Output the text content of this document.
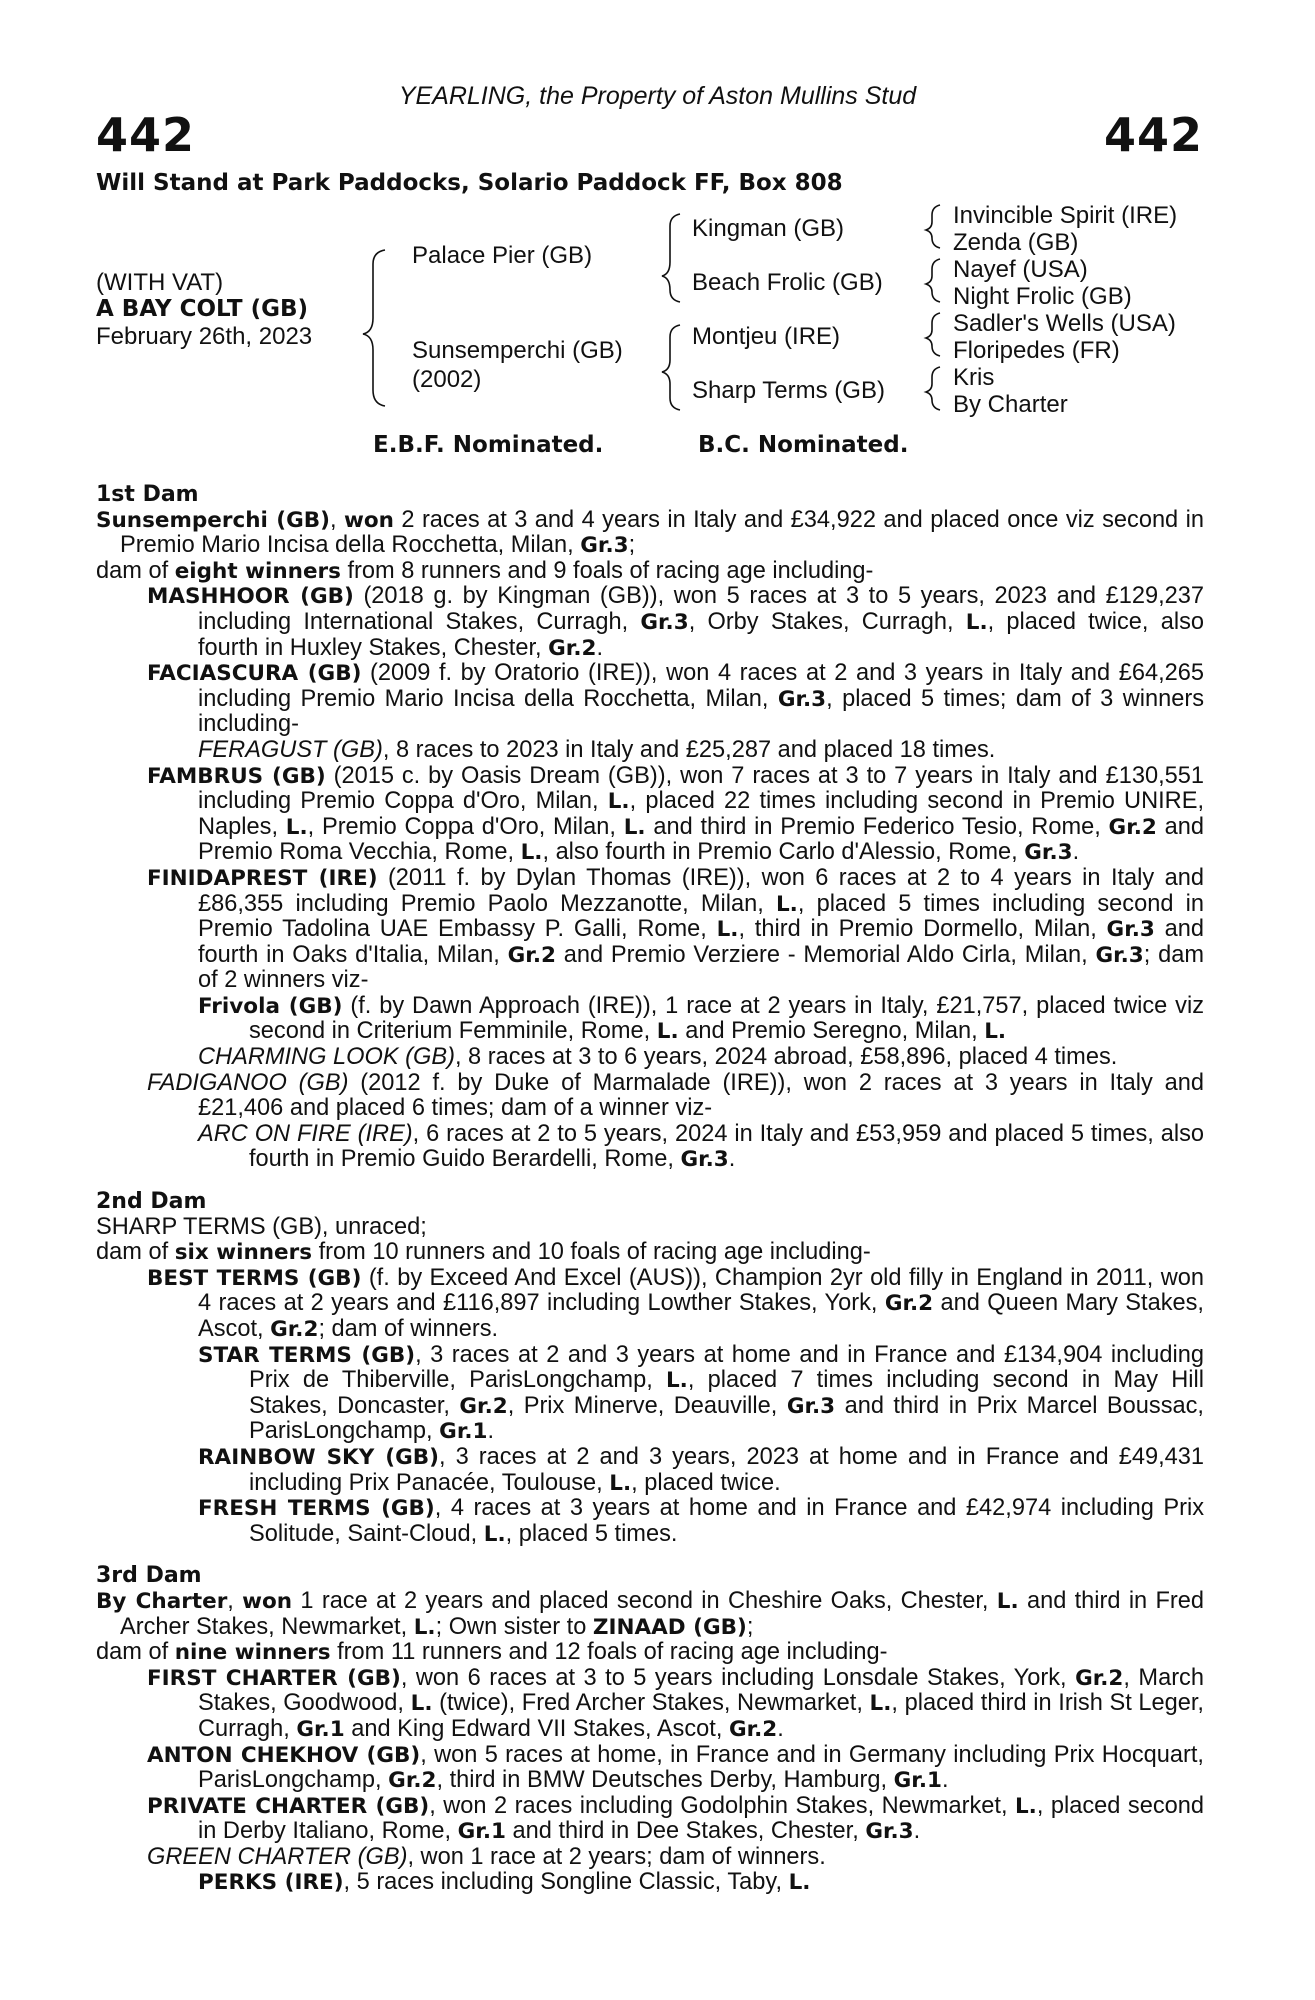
YEARLING, the Property of Aston Mullins Stud
442	442
Will Stand at Park Paddocks, Solario Paddock FF, Box 808
(WITH VAT)
A BAY COLT (GB)
February 26th, 2023
Palace Pier (GB)
Sunsemperchi (GB)
(2002)
Kingman (GB)
Beach Frolic (GB)
Montjeu (IRE)
Sharp Terms (GB)
Invincible Spirit (IRE)
Zenda (GB)
Nayef (USA)
Night Frolic (GB)
Sadler's Wells (USA)
Floripedes (FR)
Kris
By Charter
E.B.F. Nominated.	B.C. Nominated.
1st Dam
Sunsemperchi (GB), won 2 races at 3 and 4 years in Italy and £34,922 and placed once viz second in Premio Mario Incisa della Rocchetta, Milan, Gr.3;
dam of eight winners from 8 runners and 9 foals of racing age including-
MASHHOOR (GB) (2018 g. by Kingman (GB)), won 5 races at 3 to 5 years, 2023 and £129,237 including International Stakes, Curragh, Gr.3, Orby Stakes, Curragh, L., placed twice, also fourth in Huxley Stakes, Chester, Gr.2.
FACIASCURA (GB) (2009 f. by Oratorio (IRE)), won 4 races at 2 and 3 years in Italy and £64,265 including Premio Mario Incisa della Rocchetta, Milan, Gr.3, placed 5 times; dam of 3 winners including-
FERAGUST (GB), 8 races to 2023 in Italy and £25,287 and placed 18 times.
FAMBRUS (GB) (2015 c. by Oasis Dream (GB)), won 7 races at 3 to 7 years in Italy and £130,551 including Premio Coppa d'Oro, Milan, L., placed 22 times including second in Premio UNIRE, Naples, L., Premio Coppa d'Oro, Milan, L. and third in Premio Federico Tesio, Rome, Gr.2 and Premio Roma Vecchia, Rome, L., also fourth in Premio Carlo d'Alessio, Rome, Gr.3.
FINIDAPREST (IRE) (2011 f. by Dylan Thomas (IRE)), won 6 races at 2 to 4 years in Italy and £86,355 including Premio Paolo Mezzanotte, Milan, L., placed 5 times including second in Premio Tadolina UAE Embassy P. Galli, Rome, L., third in Premio Dormello, Milan, Gr.3 and fourth in Oaks d'Italia, Milan, Gr.2 and Premio Verziere - Memorial Aldo Cirla, Milan, Gr.3; dam of 2 winners viz-
Frivola (GB) (f. by Dawn Approach (IRE)), 1 race at 2 years in Italy, £21,757, placed twice viz second in Criterium Femminile, Rome, L. and Premio Seregno, Milan, L.
CHARMING LOOK (GB), 8 races at 3 to 6 years, 2024 abroad, £58,896, placed 4 times.
FADIGANOO (GB) (2012 f. by Duke of Marmalade (IRE)), won 2 races at 3 years in Italy and £21,406 and placed 6 times; dam of a winner viz-
ARC ON FIRE (IRE), 6 races at 2 to 5 years, 2024 in Italy and £53,959 and placed 5 times, also fourth in Premio Guido Berardelli, Rome, Gr.3.
2nd Dam
SHARP TERMS (GB), unraced;
dam of six winners from 10 runners and 10 foals of racing age including-
BEST TERMS (GB) (f. by Exceed And Excel (AUS)), Champion 2yr old filly in England in 2011, won 4 races at 2 years and £116,897 including Lowther Stakes, York, Gr.2 and Queen Mary Stakes, Ascot, Gr.2; dam of winners.
STAR TERMS (GB), 3 races at 2 and 3 years at home and in France and £134,904 including Prix de Thiberville, ParisLongchamp, L., placed 7 times including second in May Hill Stakes, Doncaster, Gr.2, Prix Minerve, Deauville, Gr.3 and third in Prix Marcel Boussac, ParisLongchamp, Gr.1.
RAINBOW SKY (GB), 3 races at 2 and 3 years, 2023 at home and in France and £49,431 including Prix Panacée, Toulouse, L., placed twice.
FRESH TERMS (GB), 4 races at 3 years at home and in France and £42,974 including Prix Solitude, Saint-Cloud, L., placed 5 times.
3rd Dam
By Charter, won 1 race at 2 years and placed second in Cheshire Oaks, Chester, L. and third in Fred Archer Stakes, Newmarket, L.; Own sister to ZINAAD (GB);
dam of nine winners from 11 runners and 12 foals of racing age including-
FIRST CHARTER (GB), won 6 races at 3 to 5 years including Lonsdale Stakes, York, Gr.2, March Stakes, Goodwood, L. (twice), Fred Archer Stakes, Newmarket, L., placed third in Irish St Leger, Curragh, Gr.1 and King Edward VII Stakes, Ascot, Gr.2.
ANTON CHEKHOV (GB), won 5 races at home, in France and in Germany including Prix Hocquart, ParisLongchamp, Gr.2, third in BMW Deutsches Derby, Hamburg, Gr.1.
PRIVATE CHARTER (GB), won 2 races including Godolphin Stakes, Newmarket, L., placed second in Derby Italiano, Rome, Gr.1 and third in Dee Stakes, Chester, Gr.3.
GREEN CHARTER (GB), won 1 race at 2 years; dam of winners.
PERKS (IRE), 5 races including Songline Classic, Taby, L.
